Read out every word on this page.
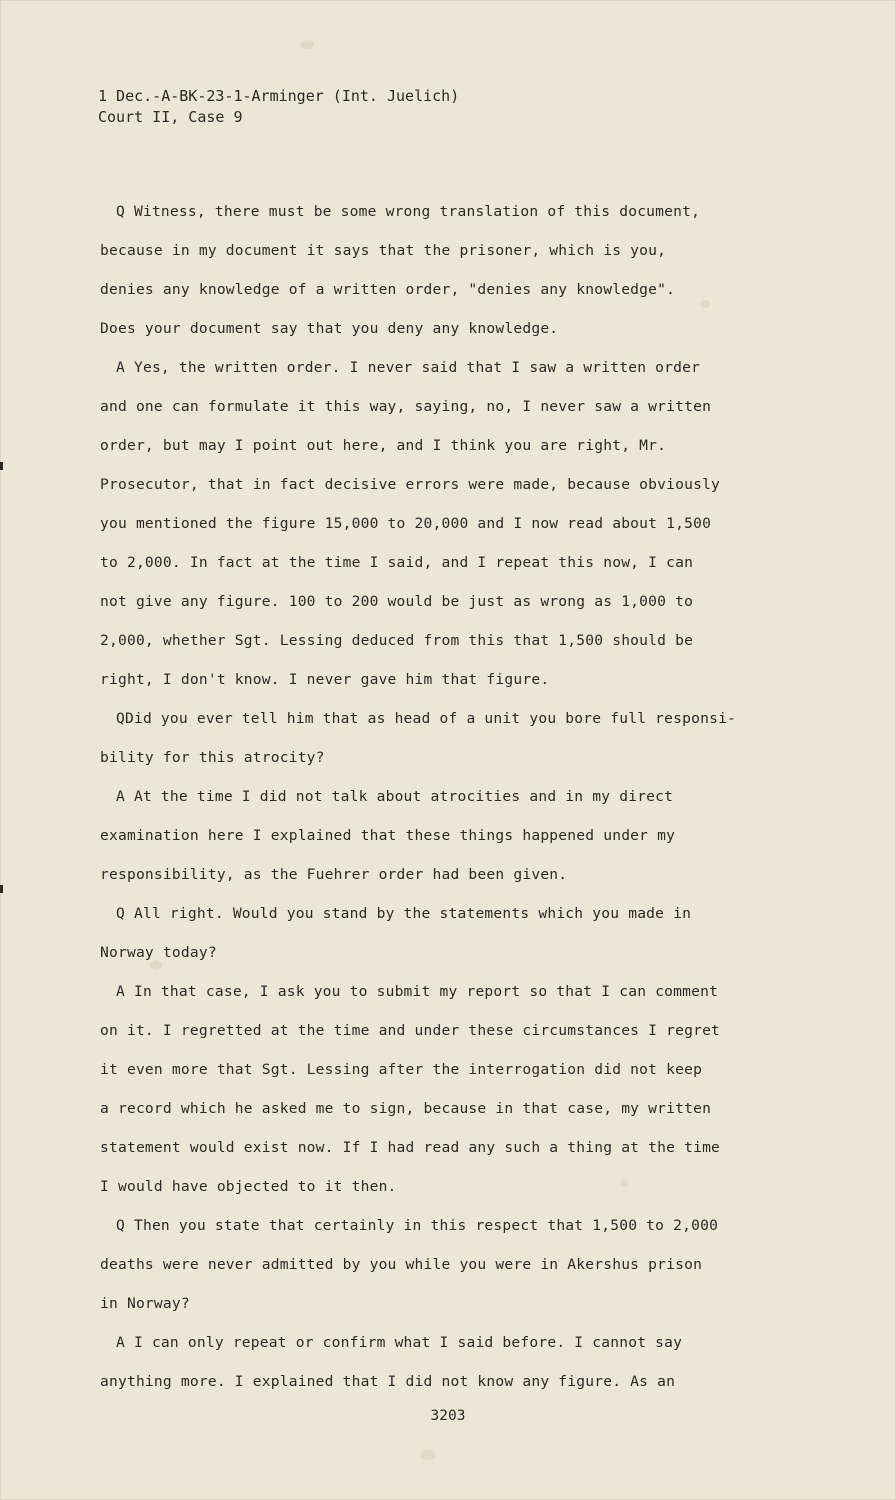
1 Dec.-A-BK-23-1-Arminger (Int. Juelich)
Court II, Case 9
Q Witness, there must be some wrong translation of this document,
because in my document it says that the prisoner, which is you,
denies any knowledge of a written order, "denies any knowledge".
Does your document say that you deny any knowledge.
A Yes, the written order. I never said that I saw a written order
and one can formulate it this way, saying, no, I never saw a written
order, but may I point out here, and I think you are right, Mr.
Prosecutor, that in fact decisive errors were made, because obviously
you mentioned the figure 15,000 to 20,000 and I now read about 1,500
to 2,000. In fact at the time I said, and I repeat this now, I can
not give any figure. 100 to 200 would be just as wrong as 1,000 to
2,000, whether Sgt. Lessing deduced from this that 1,500 should be
right, I don't know. I never gave him that figure.
QDid you ever tell him that as head of a unit you bore full responsi-
bility for this atrocity?
A At the time I did not talk about atrocities and in my direct
examination here I explained that these things happened under my
responsibility, as the Fuehrer order had been given.
Q All right. Would you stand by the statements which you made in
Norway today?
A In that case, I ask you to submit my report so that I can comment
on it. I regretted at the time and under these circumstances I regret
it even more that Sgt. Lessing after the interrogation did not keep
a record which he asked me to sign, because in that case, my written
statement would exist now. If I had read any such a thing at the time
I would have objected to it then.
Q Then you state that certainly in this respect that 1,500 to 2,000
deaths were never admitted by you while you were in Akershus prison
in Norway?
A I can only repeat or confirm what I said before. I cannot say
anything more. I explained that I did not know any figure. As an
3203
